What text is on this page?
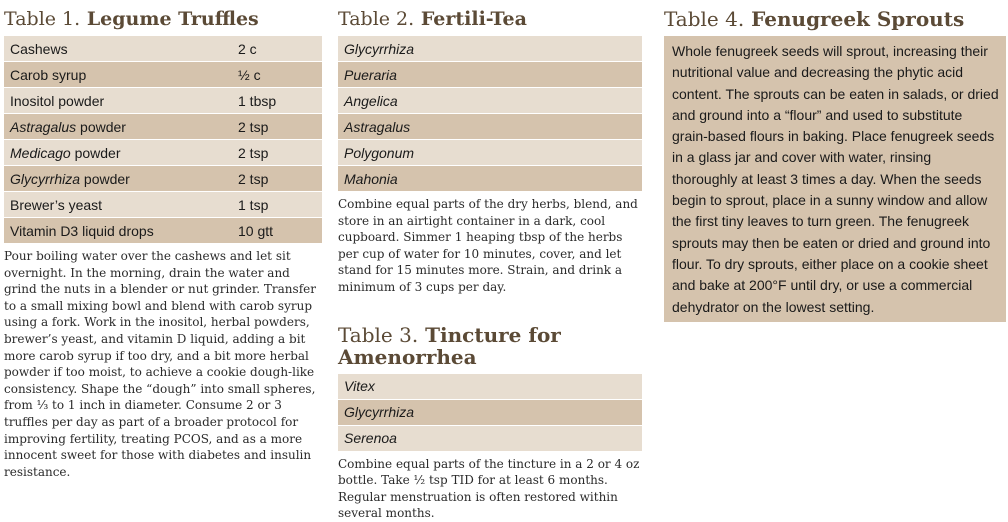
Table 1. Legume Truffles
Cashews	2 c
Carob syrup	½ c
Inositol powder	1 tbsp
Astragalus powder	2 tsp
Medicago powder	2 tsp
Glycyrrhiza powder	2 tsp
Brewer’s yeast	1 tsp
Vitamin D3 liquid drops	10 gtt

Pour boiling water over the cashews and let sit overnight. In the morning, drain the water and grind the nuts in a blender or nut grinder. Transfer to a small mixing bowl and blend with carob syrup using a fork. Work in the inositol, herbal powders, brewer’s yeast, and vitamin D liquid, adding a bit more carob syrup if too dry, and a bit more herbal powder if too moist, to achieve a cookie dough-like consistency. Shape the “dough” into small spheres, from ⅓ to 1 inch in diameter. Consume 2 or 3 truffles per day as part of a broader protocol for improving fertility, treating PCOS, and as a more innocent sweet for those with diabetes and insulin resistance.

Table 2. Fertili-Tea
Glycyrrhiza
Pueraria
Angelica
Astragalus
Polygonum
Mahonia

Combine equal parts of the dry herbs, blend, and store in an airtight container in a dark, cool cupboard. Simmer 1 heaping tbsp of the herbs per cup of water for 10 minutes, cover, and let stand for 15 minutes more. Strain, and drink a minimum of 3 cups per day.

Table 3. Tincture for Amenorrhea
Vitex
Glycyrrhiza
Serenoa

Combine equal parts of the tincture in a 2 or 4 oz bottle. Take ½ tsp TID for at least 6 months. Regular menstruation is often restored within several months.

Table 4. Fenugreek Sprouts
Whole fenugreek seeds will sprout, increasing their nutritional value and decreasing the phytic acid content. The sprouts can be eaten in salads, or dried and ground into a “flour” and used to substitute grain-based flours in baking. Place fenugreek seeds in a glass jar and cover with water, rinsing thoroughly at least 3 times a day. When the seeds begin to sprout, place in a sunny window and allow the first tiny leaves to turn green. The fenugreek sprouts may then be eaten or dried and ground into flour. To dry sprouts, either place on a cookie sheet and bake at 200°F until dry, or use a commercial dehydrator on the lowest setting.
